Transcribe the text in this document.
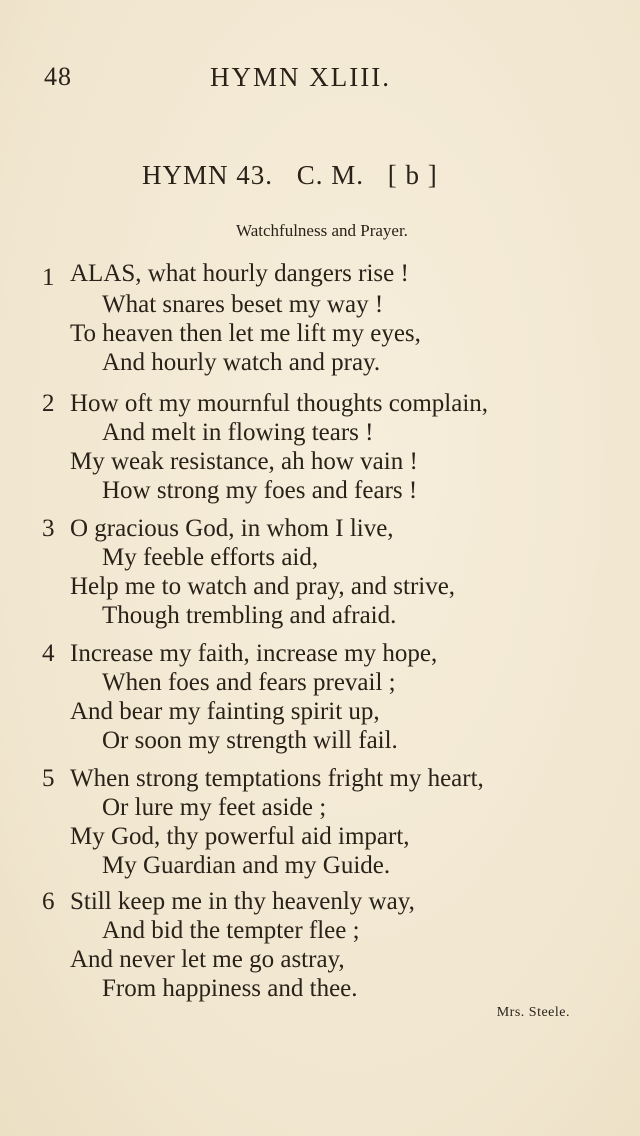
48	HYMN XLIII.
HYMN 43. C. M. [ b ]
Watchfulness and Prayer.
1 ALAS, what hourly dangers rise !
What snares beset my way !
To heaven then let me lift my eyes,
And hourly watch and pray.
2 How oft my mournful thoughts complain,
And melt in flowing tears !
My weak resistance, ah how vain !
How strong my foes and fears !
3 O gracious God, in whom I live,
My feeble efforts aid,
Help me to watch and pray, and strive,
Though trembling and afraid.
4 Increase my faith, increase my hope,
When foes and fears prevail ;
And bear my fainting spirit up,
Or soon my strength will fail.
5 When strong temptations fright my heart,
Or lure my feet aside ;
My God, thy powerful aid impart,
My Guardian and my Guide.
6 Still keep me in thy heavenly way,
And bid the tempter flee ;
And never let me go astray,
From happiness and thee.
Mrs. Steele.
